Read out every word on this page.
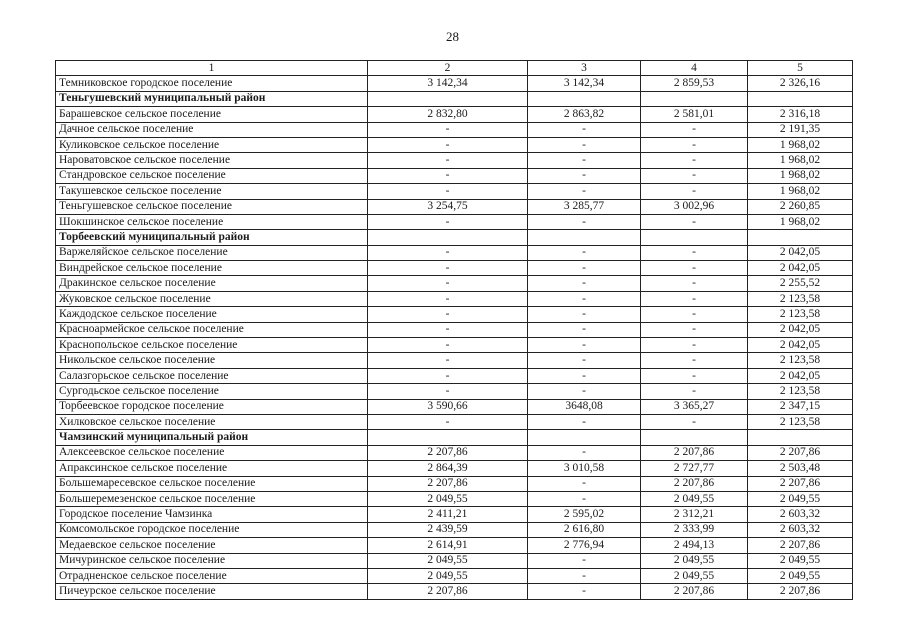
28
1	2	3	4	5
Темниковское городское поселение	3 142,34	3 142,34	2 859,53	2 326,16
Теньгушевский муниципальный район				
Барашевское сельское поселение	2 832,80	2 863,82	2 581,01	2 316,18
Дачное сельское поселение	-	-	-	2 191,35
Куликовское сельское поселение	-	-	-	1 968,02
Нароватовское сельское поселение	-	-	-	1 968,02
Стандровское сельское поселение	-	-	-	1 968,02
Такушевское сельское поселение	-	-	-	1 968,02
Теньгушевское сельское поселение	3 254,75	3 285,77	3 002,96	2 260,85
Шокшинское сельское поселение	-	-	-	1 968,02
Торбеевский муниципальный район				
Варжеляйское сельское поселение	-	-	-	2 042,05
Виндрейское сельское поселение	-	-	-	2 042,05
Дракинское сельское поселение	-	-	-	2 255,52
Жуковское сельское поселение	-	-	-	2 123,58
Каждодское сельское поселение	-	-	-	2 123,58
Красноармейское сельское поселение	-	-	-	2 042,05
Краснопольское сельское поселение	-	-	-	2 042,05
Никольское сельское поселение	-	-	-	2 123,58
Салазгорьское сельское поселение	-	-	-	2 042,05
Сургодьское сельское поселение	-	-	-	2 123,58
Торбеевское городское поселение	3 590,66	3648,08	3 365,27	2 347,15
Хилковское сельское поселение	-	-	-	2 123,58
Чамзинский муниципальный район				
Алексеевское сельское поселение	2 207,86	-	2 207,86	2 207,86
Апраксинское сельское поселение	2 864,39	3 010,58	2 727,77	2 503,48
Большемаресевское сельское поселение	2 207,86	-	2 207,86	2 207,86
Большеремезенское сельское поселение	2 049,55	-	2 049,55	2 049,55
Городское поселение Чамзинка	2 411,21	2 595,02	2 312,21	2 603,32
Комсомольское городское поселение	2 439,59	2 616,80	2 333,99	2 603,32
Медаевское сельское поселение	2 614,91	2 776,94	2 494,13	2 207,86
Мичуринское сельское поселение	2 049,55	-	2 049,55	2 049,55
Отрадненское сельское поселение	2 049,55	-	2 049,55	2 049,55
Пичеурское сельское поселение	2 207,86	-	2 207,86	2 207,86
